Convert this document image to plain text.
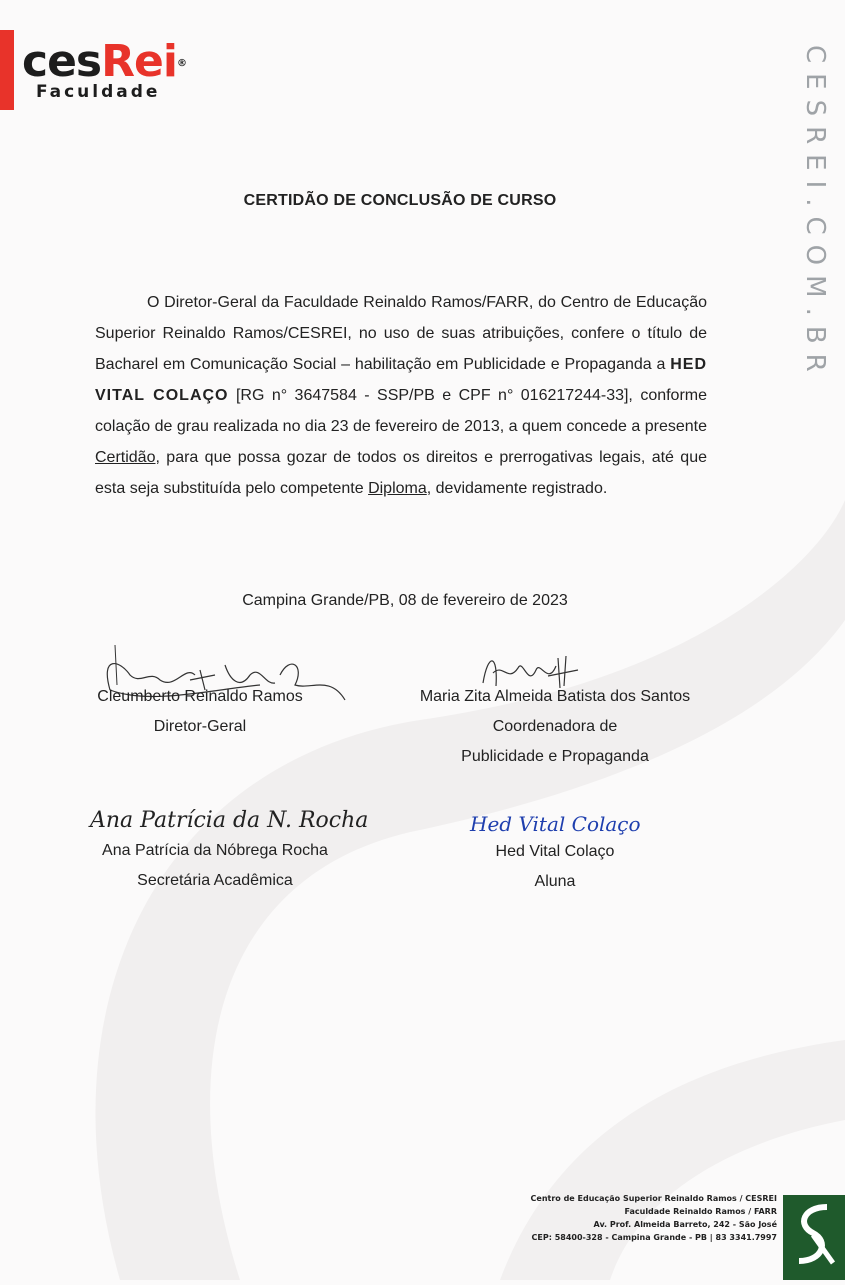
cesRei®
Faculdade	CESREI.COM.BR
CERTIDÃO DE CONCLUSÃO DE CURSO

O Diretor-Geral da Faculdade Reinaldo Ramos/FARR, do Centro de Educação Superior Reinaldo Ramos/CESREI, no uso de suas atribuições, confere o título de Bacharel em Comunicação Social – habilitação em Publicidade e Propaganda a HED VITAL COLAÇO [RG n° 3647584 - SSP/PB e CPF n° 016217244-33], conforme colação de grau realizada no dia 23 de fevereiro de 2013, a quem concede a presente Certidão, para que possa gozar de todos os direitos e prerrogativas legais, até que esta seja substituída pelo competente Diploma, devidamente registrado.

Campina Grande/PB, 08 de fevereiro de 2023
Cleumberto Reinaldo Ramos
Diretor-Geral
Maria Zita Almeida Batista dos Santos
Coordenadora de
Publicidade e Propaganda
Ana Patrícia da N. Rocha
Ana Patrícia da Nóbrega Rocha
Secretária Acadêmica
Hed Vital Colaço
Hed Vital Colaço
Aluna
Centro de Educação Superior Reinaldo Ramos / CESREI
Faculdade Reinaldo Ramos / FARR
Av. Prof. Almeida Barreto, 242 - São José
CEP: 58400-328 - Campina Grande - PB | 83 3341.7997
